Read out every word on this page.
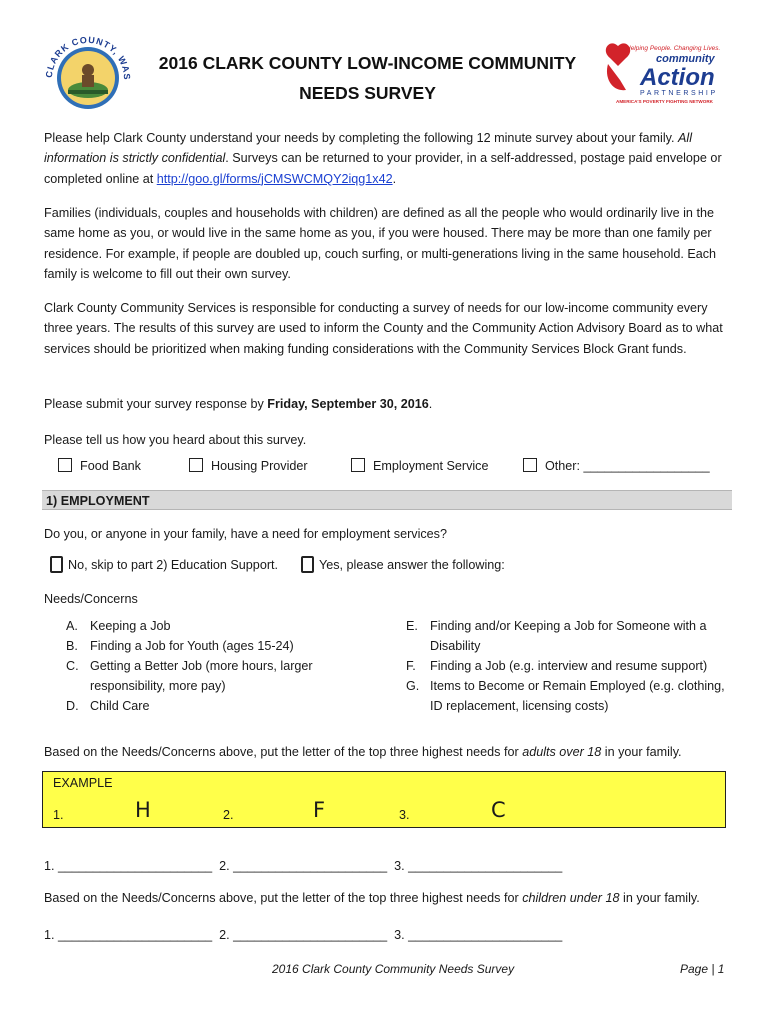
CLARK COUNTY, WAS
2016 CLARK COUNTY LOW-INCOME COMMUNITY
NEEDS SURVEY
Helping People. Changing Lives.
community
Action
PARTNERSHIP
AMERICA'S POVERTY FIGHTING NETWORK
Please help Clark County understand your needs by completing the following 12 minute survey about your family. All information is strictly confidential. Surveys can be returned to your provider, in a self-addressed, postage paid envelope or completed online at http://goo.gl/forms/jCMSWCMQY2iqg1x42.
Families (individuals, couples and households with children) are defined as all the people who would ordinarily live in the same home as you, or would live in the same home as you, if you were housed. There may be more than one family per residence. For example, if people are doubled up, couch surfing, or multi-generations living in the same household. Each family is welcome to fill out their own survey.
Clark County Community Services is responsible for conducting a survey of needs for our low-income community every three years. The results of this survey are used to inform the County and the Community Action Advisory Board as to what services should be prioritized when making funding considerations with the Community Services Block Grant funds.
Please submit your survey response by Friday, September 30, 2016.
Please tell us how you heard about this survey.
Food Bank	Housing Provider	Employment Service	Other: __________________
1) EMPLOYMENT
Do you, or anyone in your family, have a need for employment services?
No, skip to part 2) Education Support.	Yes, please answer the following:
Needs/Concerns
A. Keeping a Job
B. Finding a Job for Youth (ages 15-24)
C. Getting a Better Job (more hours, larger responsibility, more pay)
D. Child Care
E. Finding and/or Keeping a Job for Someone with a Disability
F.	Finding a Job (e.g. interview and resume support)
G. Items to Become or Remain Employed (e.g. clothing, ID replacement, licensing costs)
Based on the Needs/Concerns above, put the letter of the top three highest needs for adults over 18 in your family.
EXAMPLE
1.	H	2.	F	3.	C
1. ______________________  2. ______________________  3. ______________________
Based on the Needs/Concerns above, put the letter of the top three highest needs for children under 18 in your family.
1. ______________________  2. ______________________  3. ______________________
2016 Clark County Community Needs Survey	Page | 1
